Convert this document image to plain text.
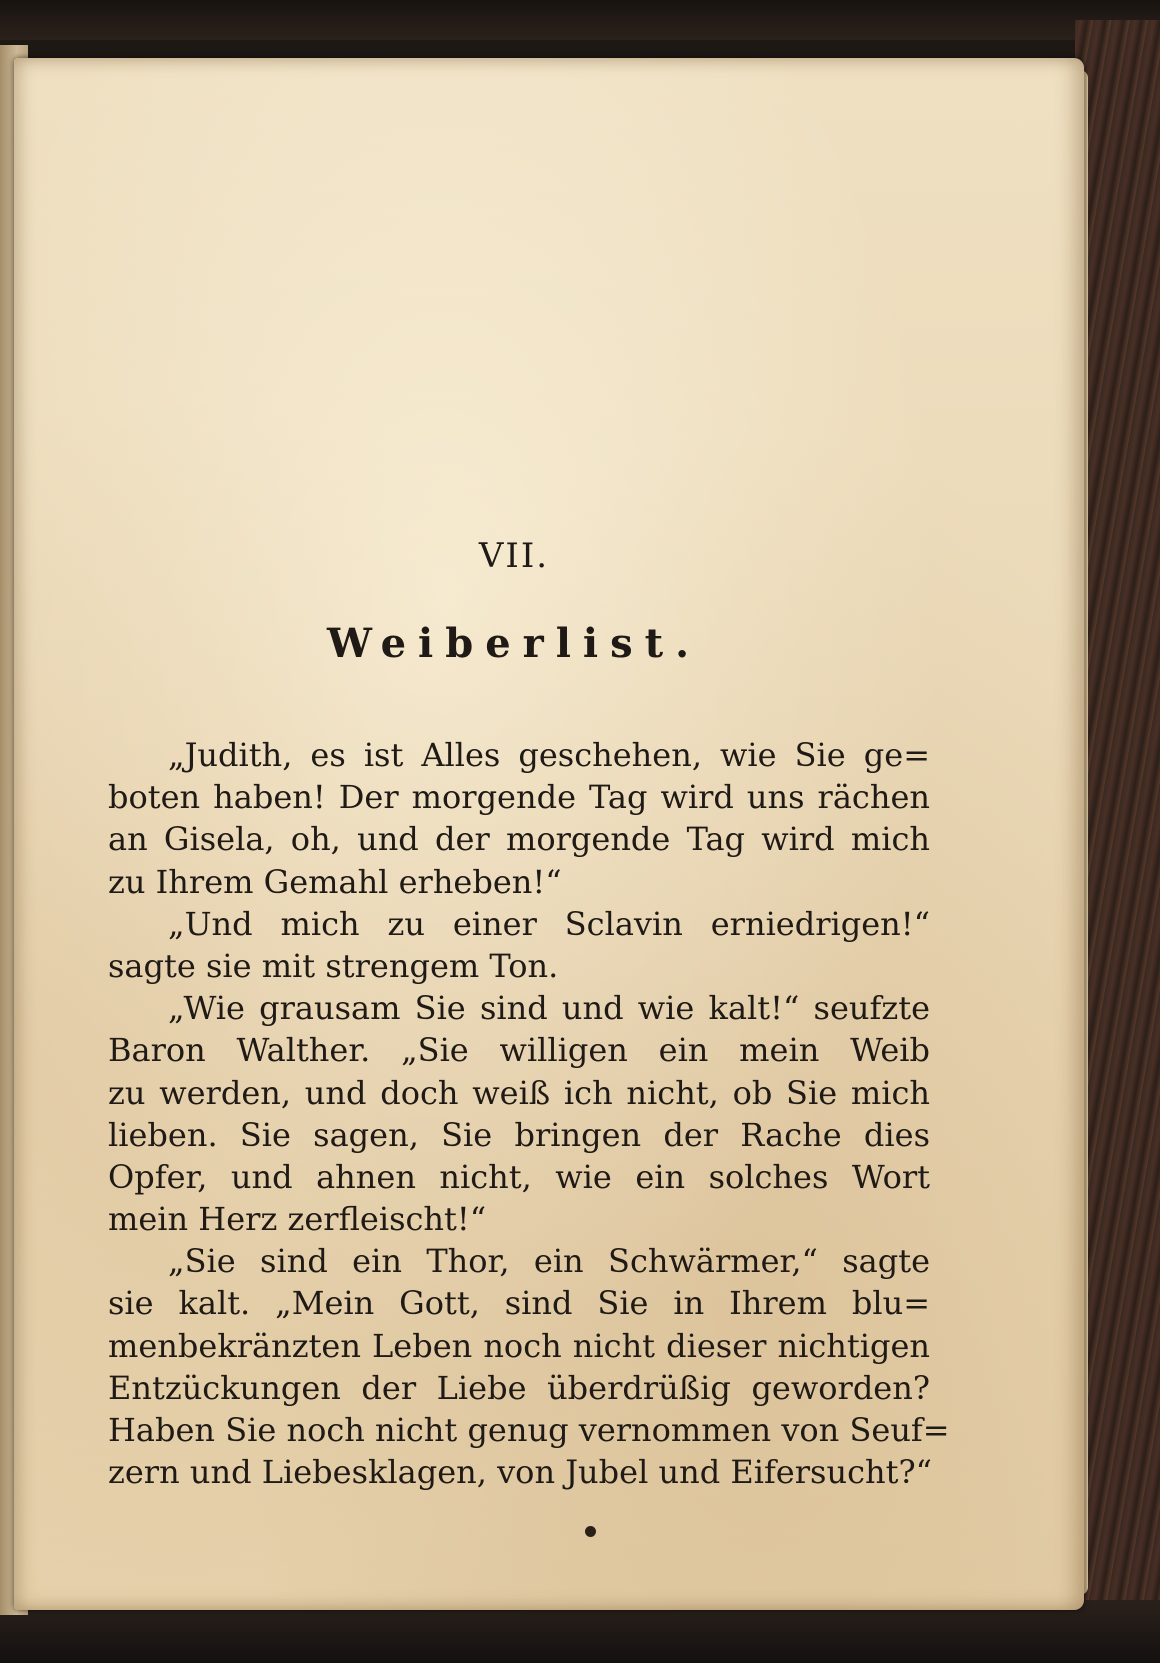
VII.
Weiberlist.
„Judith, es ist Alles geschehen, wie Sie ge=
boten haben! Der morgende Tag wird uns rächen
an Gisela, oh, und der morgende Tag wird mich
zu Ihrem Gemahl erheben!“
„Und mich zu einer Sclavin erniedrigen!“
sagte sie mit strengem Ton.
„Wie grausam Sie sind und wie kalt!“ seufzte
Baron Walther. „Sie willigen ein mein Weib
zu werden, und doch weiß ich nicht, ob Sie mich
lieben. Sie sagen, Sie bringen der Rache dies
Opfer, und ahnen nicht, wie ein solches Wort
mein Herz zerfleischt!“
„Sie sind ein Thor, ein Schwärmer,“ sagte
sie kalt. „Mein Gott, sind Sie in Ihrem blu=
menbekränzten Leben noch nicht dieser nichtigen
Entzückungen der Liebe überdrüßig geworden?
Haben Sie noch nicht genug vernommen von Seuf=
zern und Liebesklagen, von Jubel und Eifersucht?“
